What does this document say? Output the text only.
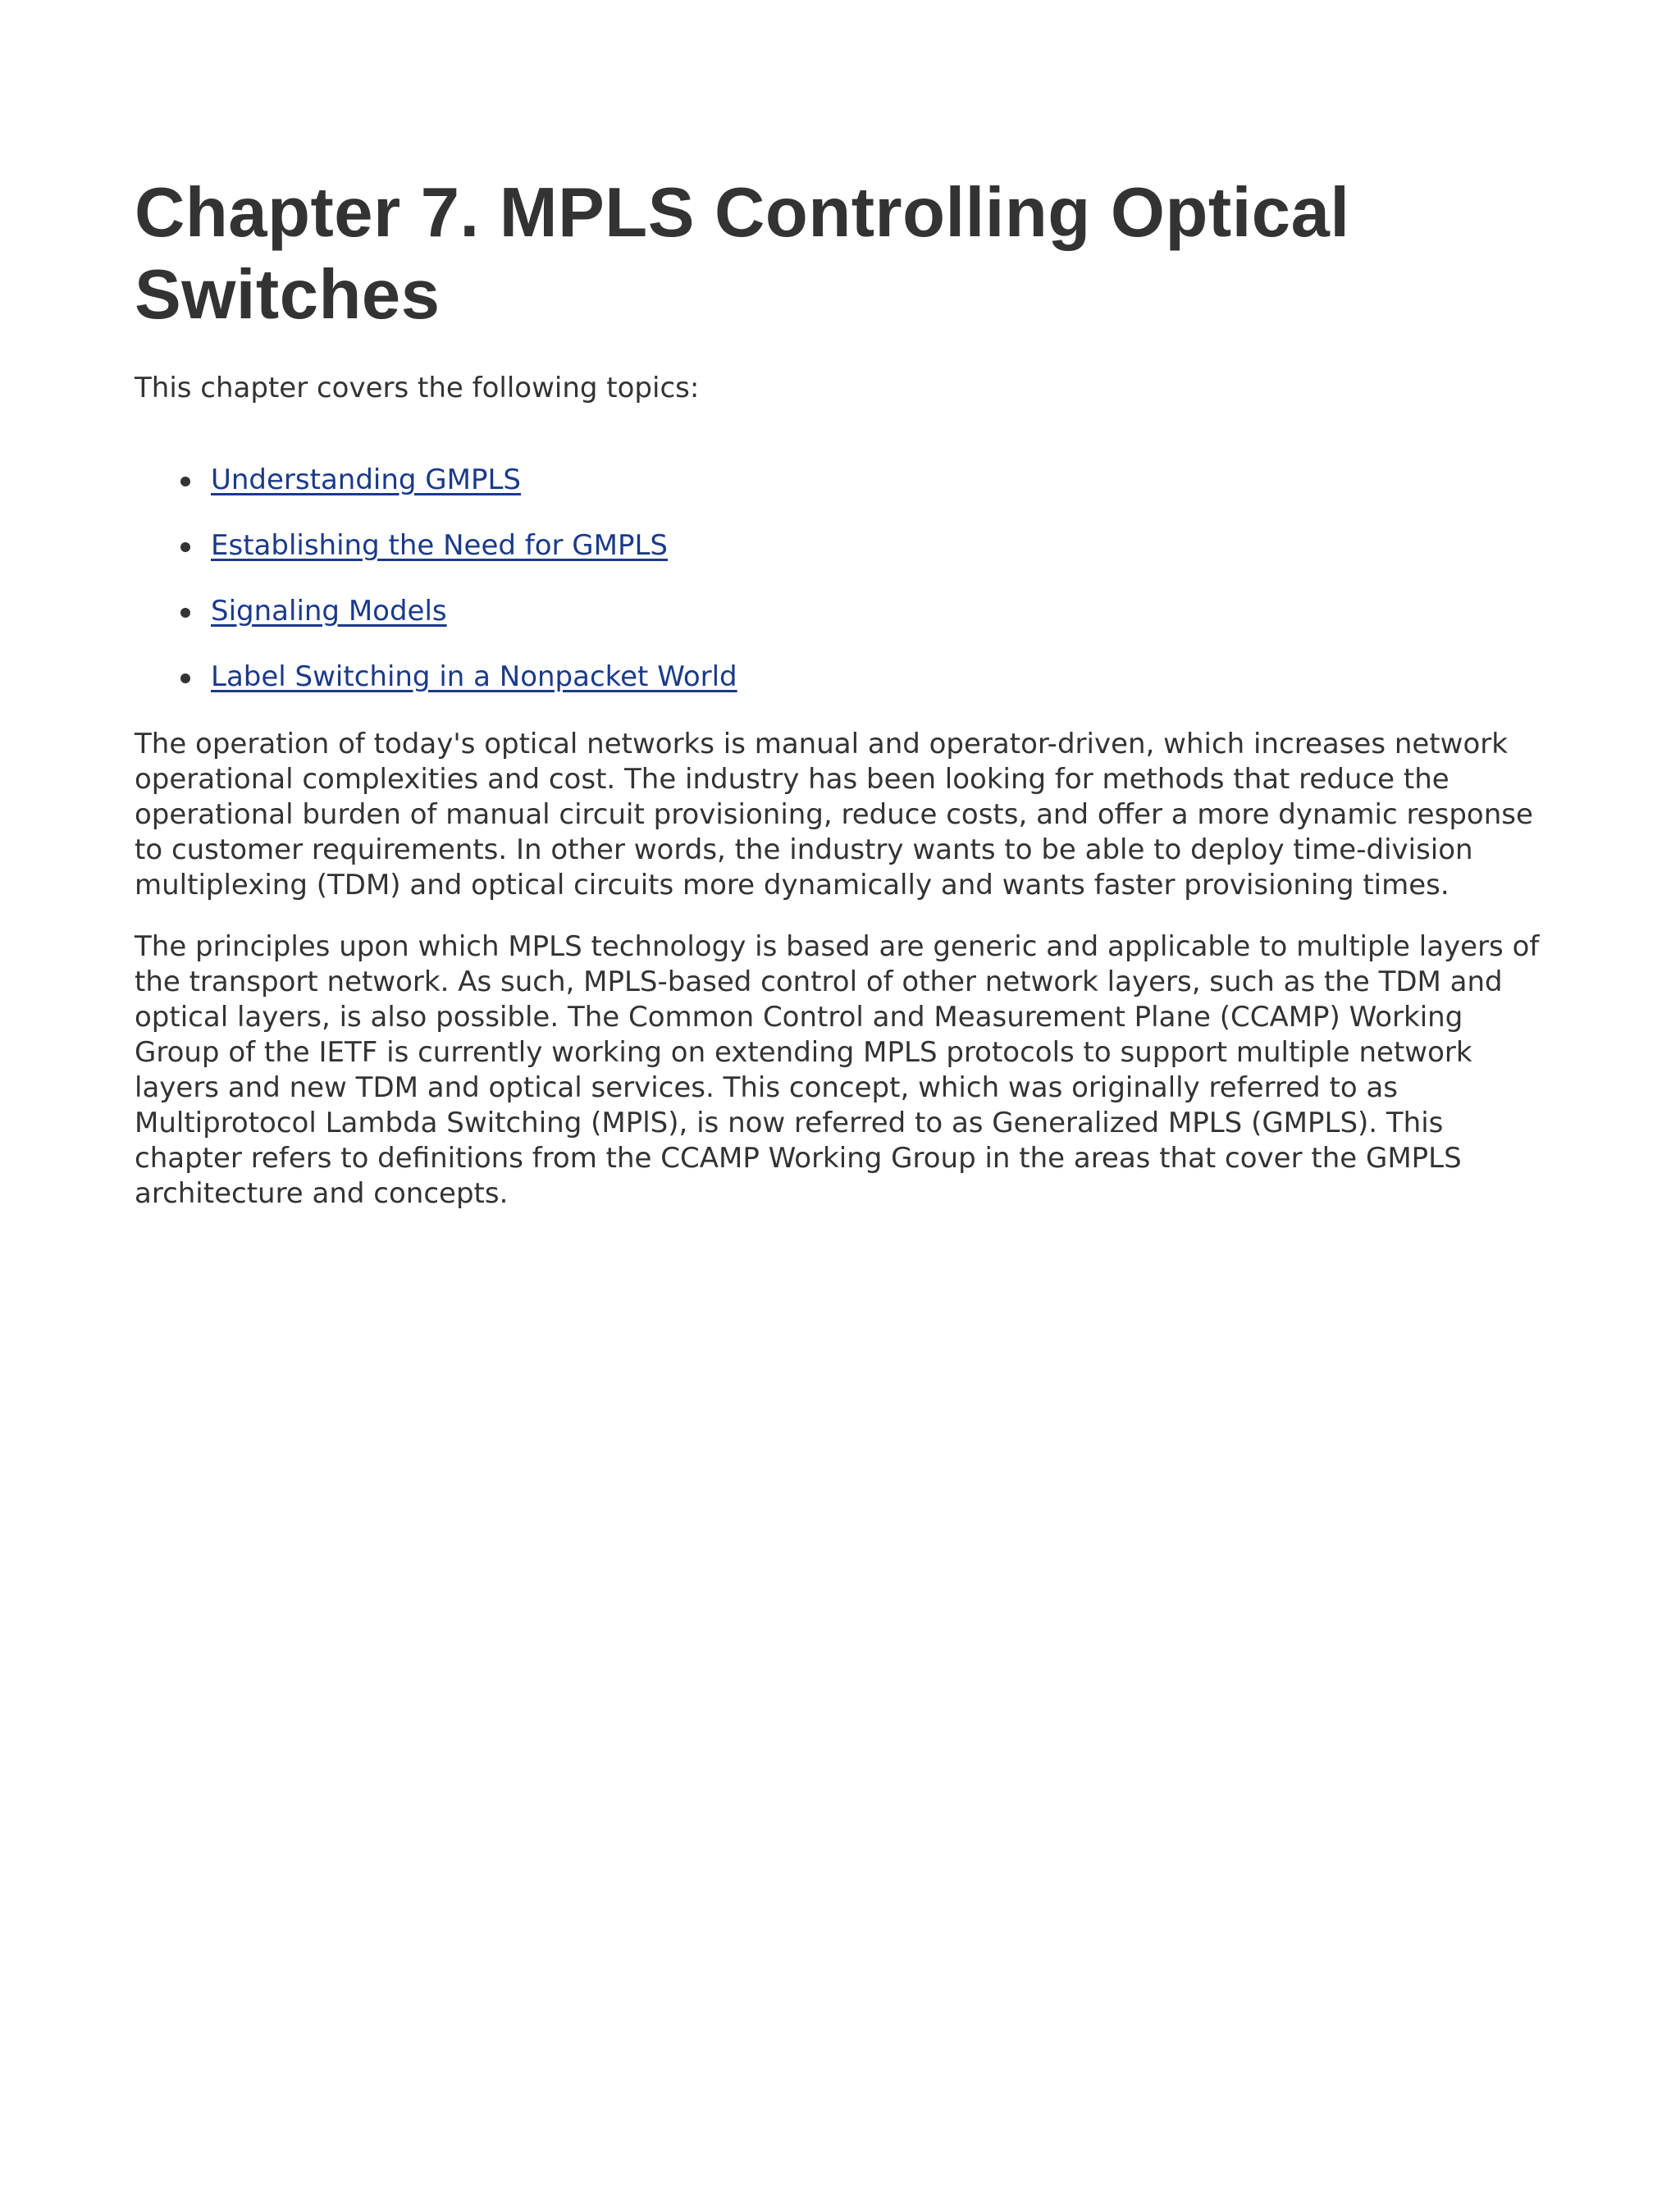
Chapter 7. MPLS Controlling Optical Switches

This chapter covers the following topics:

Understanding GMPLS
Establishing the Need for GMPLS
Signaling Models
Label Switching in a Nonpacket World

The operation of today's optical networks is manual and operator-driven, which increases network operational complexities and cost. The industry has been looking for methods that reduce the operational burden of manual circuit provisioning, reduce costs, and offer a more dynamic response to customer requirements. In other words, the industry wants to be able to deploy time-division multiplexing (TDM) and optical circuits more dynamically and wants faster provisioning times.

The principles upon which MPLS technology is based are generic and applicable to multiple layers of the transport network. As such, MPLS-based control of other network layers, such as the TDM and optical layers, is also possible. The Common Control and Measurement Plane (CCAMP) Working Group of the IETF is currently working on extending MPLS protocols to support multiple network layers and new TDM and optical services. This concept, which was originally referred to as Multiprotocol Lambda Switching (MPlS), is now referred to as Generalized MPLS (GMPLS). This chapter refers to definitions from the CCAMP Working Group in the areas that cover the GMPLS architecture and concepts.
